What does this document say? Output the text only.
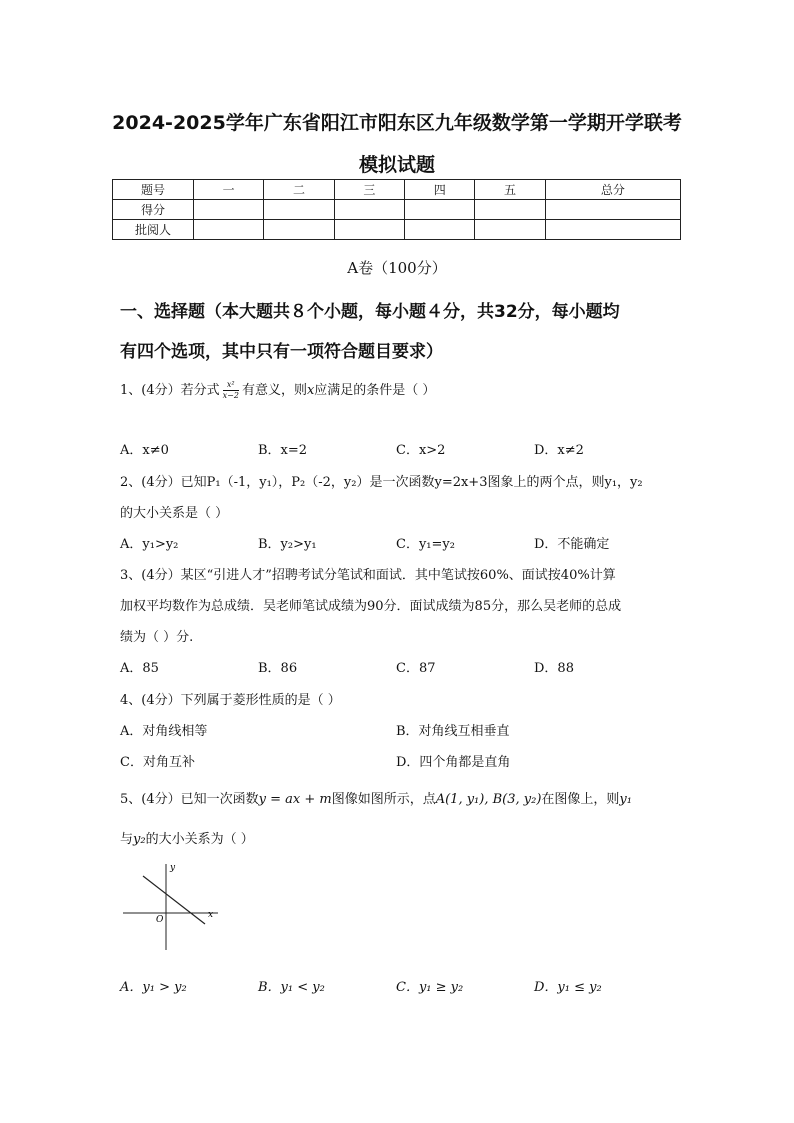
2024-2025学年广东省阳江市阳东区九年级数学第一学期开学联考
模拟试题
题号	一	二	三	四	五	总分
得分						
批阅人						
A卷（100分）
一、选择题（本大题共８个小题，每小题４分，共32分，每小题均
有四个选项，其中只有一项符合题目要求）
1、(4分）若分式 $\frac{\text{x²}}{x-2}$ 有意义，则x应满足的条件是（ ）
A．x≠0	B．x=2	C．x>2	D．x≠2
2、(4分）已知P₁（-1，y₁），P₂（-2，y₂）是一次函数y=2x+3图象上的两个点，则y₁，y₂
的大小关系是（ ）
A．y₁>y₂	B．y₂>y₁	C．y₁=y₂	D．不能确定
3、(4分）某区“引进人才”招聘考试分笔试和面试．其中笔试按60%、面试按40%计算
加权平均数作为总成绩．吴老师笔试成绩为90分．面试成绩为85分，那么吴老师的总成
绩为（ ）分.
A．85	B．86	C．87	D．88
4、(4分）下列属于菱形性质的是（ ）
A．对角线相等	B．对角线互相垂直
C．对角互补	D．四个角都是直角
5、(4分）已知一次函数y = ax + m图像如图所示，点A(1, y₁), B(3, y₂)在图像上，则y₁
与y₂的大小关系为（ ）
y
x
O
A．y₁ > y₂	B．y₁ < y₂	C．y₁ ≥ y₂	D．y₁ ≤ y₂
